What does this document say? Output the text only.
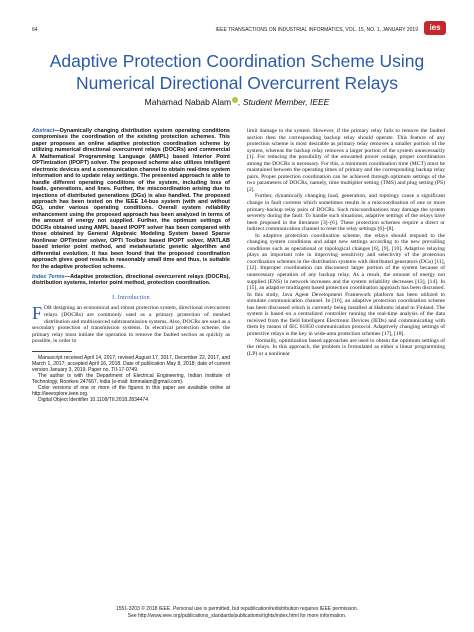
64	IEEE TRANSACTIONS ON INDUSTRIAL INFORMATICS, VOL. 15, NO. 1, JANUARY 2019	ies
Adaptive Protection Coordination Scheme Using
Numerical Directional Overcurrent Relays
Mahamad Nabab Alam , Student Member, IEEE

Abstract—Dynamically changing distribution system operating conditions compromises the coordination of the existing protection schemes. This paper proposes an online adaptive protection coordination scheme by utilizing numerical directional overcurrent relays (DOCRs) and commercial A Mathematical Programming Language (AMPL) based Interior Point OPTimization (IPOPT) solver. The proposed scheme also utilizes intelligent electronic devices and a communication channel to obtain real-time system information and to update relay settings. The presented approach is able to handle different operating conditions of the system, including loss of loads, generations, and lines. Further, the miscoordination arising due to injections of distributed generations (DGs) is also handled. The proposed approach has been tested on the IEEE 14-bus system (with and without DG), under various operating conditions. Overall system reliability enhancement using the proposed approach has been analyzed in terms of the amount of energy not supplied. Further, the optimum settings of DOCRs obtained using AMPL based IPOPT solver has been compared with those obtained by General Algebraic Modeling System based Sparse Nonlinear OPTimizer solver, OPTI Toolbox based IPOPT solver, MATLAB based interior point method, and metaheuristic genetic algorithm and differential evolution. It has been found that the proposed coordination approach gives good results in reasonably small time and thus, is suitable for the adaptive protection scheme.

Index Terms—Adaptive protection, directional overcurrent relays (DOCRs), distribution systems, interior point method, protection coordination.

I. Introduction

FOR designing an economical and robust protection system, directional overcurrent relays (DOCRs) are commonly used as a primary protection of meshed distribution and multisourced subtransmission systems. Also, DOCRs are used as a secondary protection of transmission systems. In electrical protection scheme, the primary relay must initiate the operation to remove the faulted section as quickly as possible, in order to

Manuscript received April 14, 2017; revised August 17, 2017, December 22, 2017, and March 1, 2017; accepted April 16, 2018. Date of publication May 8, 2018; date of current version January 3, 2019. Paper no. TII-17-0749.

The author is with the Department of Electrical Engineering, Indian Institute of Technology, Roorkee 247667, India (e-mail: itsmnalam@gmail.com).

Color versions of one or more of the figures in this paper are available online at http://ieeexplore.ieee.org.

Digital Object Identifier 10.1109/TII.2018.2834474

limit damage to the system. However, if the primary relay fails to remove the faulted section then the corresponding backup relay should operate. This feature of any protection scheme is most desirable as primary relay removes a smaller portion of the system, whereas the backup relay removes a larger portion of the system unnecessarily [1]. For reducing the possibility of the unwanted power outage, proper coordination among the DOCRs is necessary. For this, a minimum coordination time (MCT) must be maintained between the operating times of primary and the corresponding backup relay pairs. Proper protection coordination can be achieved through optimum settings of the two parameters of DOCRs, namely, time multiplier setting (TMS) and plug setting (PS) [2].

Further, dynamically changing load, generation, and topology cause a significant change in fault currents which sometimes results in a miscoordination of one or more primary-backup relay pairs of DOCRs. Such miscoordinations may damage the system severely during the fault. To handle such situations, adaptive settings of the relays have been proposed in the literature [3]–[6]. These protection schemes require a direct or indirect communication channel to reset the relay settings [6]–[8].

In adaptive protection coordination scheme, the relays should respond to the changing system conditions and adapt new settings according to the new prevailing conditions such as operational or topological changes [6], [9], [10]. Adaptive relaying plays an important role in improving sensitivity and selectivity of the protection coordination schemes in the distribution systems with distributed generators (DGs) [11], [12]. Improper coordination can disconnect larger portion of the system because of unnecessary operation of any backup relay. As a result, the amount of energy not supplied (ENS) in network increases and the system reliability decreases [13], [14]. In [15], an adaptive multiagent based protection coordination approach has been discussed. In this study, Java Agent Development Framework platform has been utilized to simulate communication channel. In [16], an adaptive protection coordination scheme has been discussed which is currently being installed at Haltunto island in Finland. The system is based on a centralized controller running the real-time analysis of the data received from the field Intelligent Electronic Devices (IEDs) and communicating with them by means of IEC 61850 communication protocol. Adaptively changing settings of protective relays is the key in wide-area protection schemes [17], [18].

Normally, optimization based approaches are used to obtain the optimum settings of the relays. In this approach, the problem is formulated as either a linear programming (LP) or a nonlinear

1551-3203 © 2018 IEEE. Personal use is permitted, but republication/redistribution requires IEEE permission.
See http://www.ieee.org/publications_standards/publications/rights/index.html for more information.
